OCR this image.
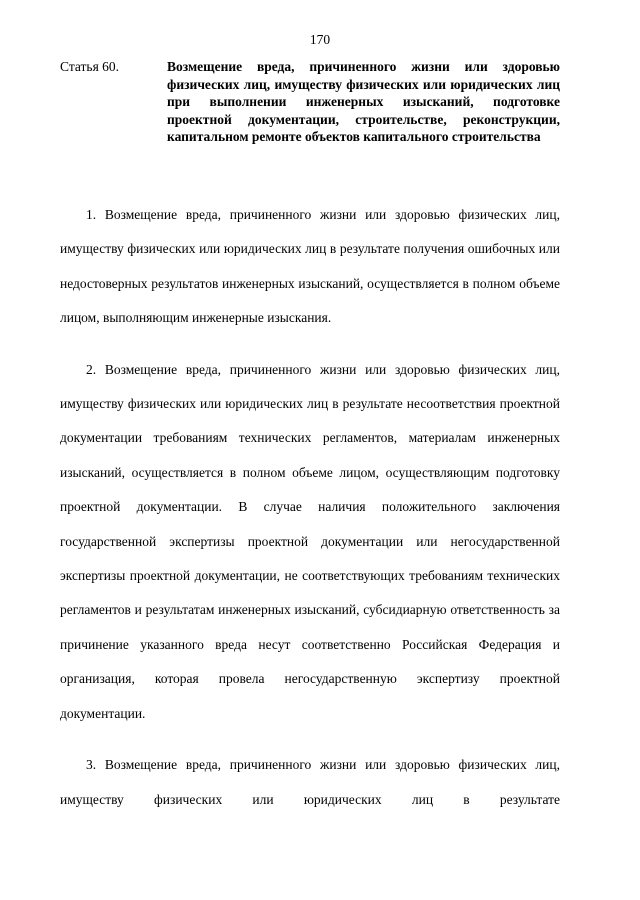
170
Статья 60.	Возмещение вреда, причиненного жизни или здоровью физических лиц, имуществу физических или юридических лиц при выполнении инженерных изысканий, подготовке проектной документации, строительстве, реконструкции, капитальном ремонте объектов капитального строительства

1. Возмещение вреда, причиненного жизни или здоровью физических лиц, имуществу физических или юридических лиц в результате получения ошибочных или недостоверных результатов инженерных изысканий, осуществляется в полном объеме лицом, выполняющим инженерные изыскания.

2. Возмещение вреда, причиненного жизни или здоровью физических лиц, имуществу физических или юридических лиц в результате несоответствия проектной документации требованиям технических регламентов, материалам инженерных изысканий, осуществляется в полном объеме лицом, осуществляющим подготовку проектной документации. В случае наличия положительного заключения государственной экспертизы проектной документации или негосударственной экспертизы проектной документации, не соответствующих требованиям технических регламентов и результатам инженерных изысканий, субсидиарную ответственность за причинение указанного вреда несут соответственно Российская Федерация и организация, которая провела негосударственную экспертизу проектной документации.

3. Возмещение вреда, причиненного жизни или здоровью физических лиц, имуществу физических или юридических лиц в результате
